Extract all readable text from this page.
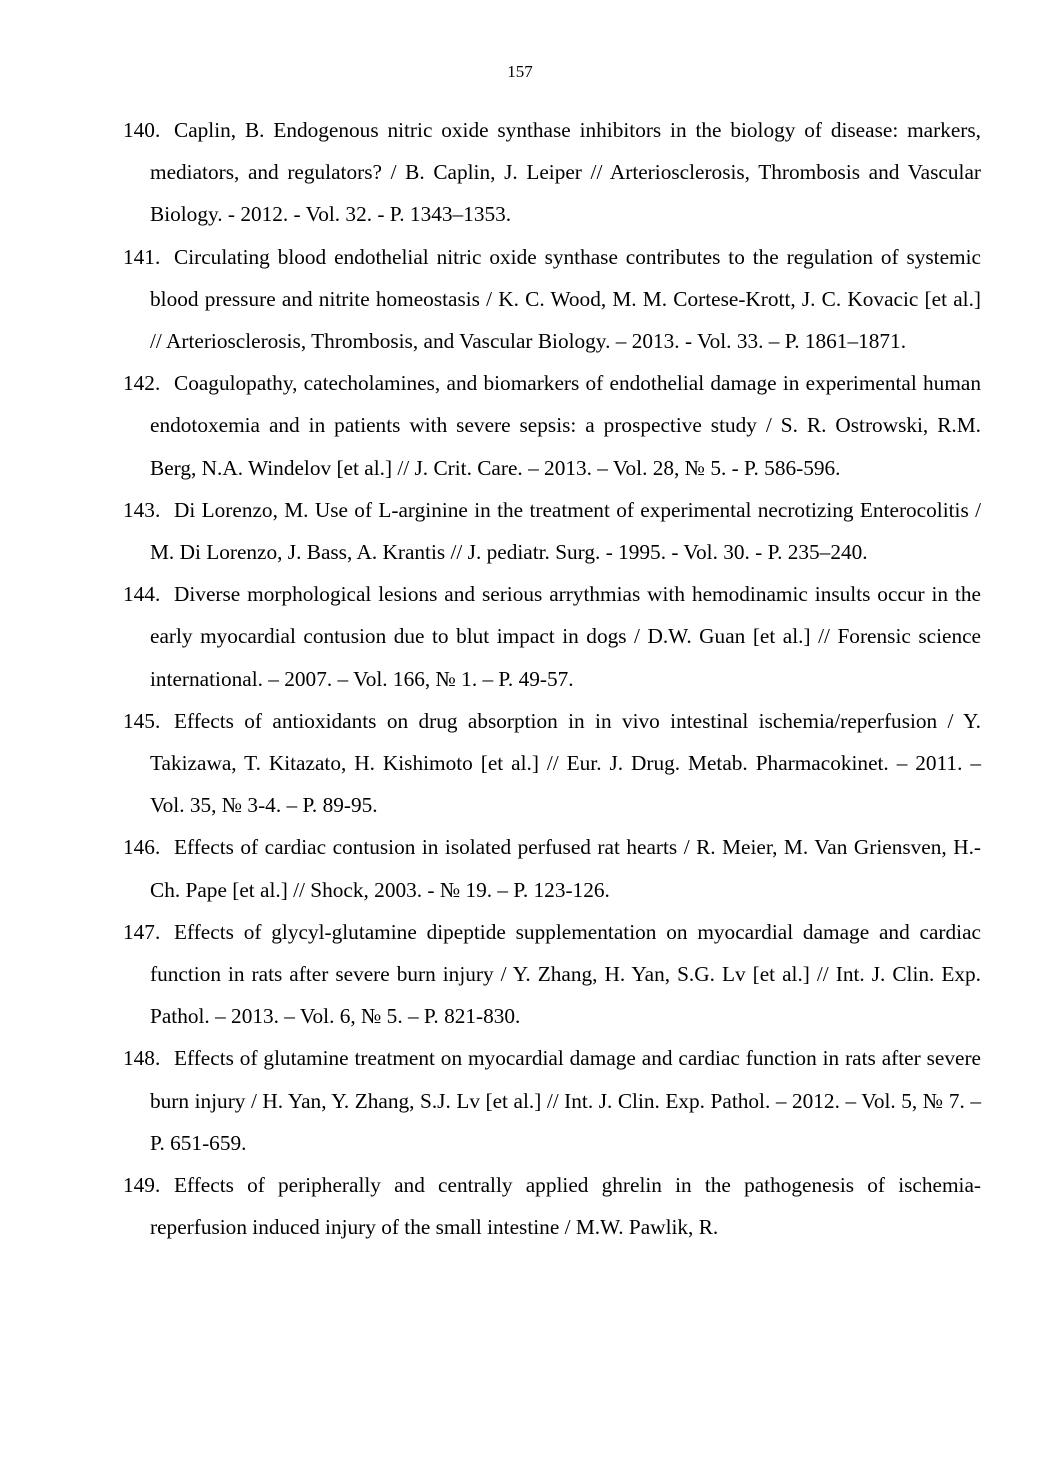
157
140. Caplin, B. Endogenous nitric oxide synthase inhibitors in the biology of disease: markers, mediators, and regulators? / B. Caplin, J. Leiper // Arteriosclerosis, Thrombosis and Vascular Biology. - 2012. - Vol. 32. - P. 1343–1353.
141. Circulating blood endothelial nitric oxide synthase contributes to the regulation of systemic blood pressure and nitrite homeostasis / K. C. Wood, M. M. Cortese-Krott, J. C. Kovacic [et al.] // Arteriosclerosis, Thrombosis, and Vascular Biology. – 2013. - Vol. 33. – P. 1861–1871.
142. Coagulopathy, catecholamines, and biomarkers of endothelial damage in experimental human endotoxemia and in patients with severe sepsis: a prospective study / S. R. Ostrowski, R.M. Berg, N.A. Windelov [et al.] // J. Crit. Care. – 2013. – Vol. 28, № 5. - P. 586-596.
143. Di Lorenzo, M. Use of L-arginine in the treatment of experimental necrotizing Enterocolitis / M. Di Lorenzo, J. Bass, A. Krantis // J. pediatr. Surg. - 1995. - Vol. 30. - P. 235–240.
144. Diverse morphological lesions and serious arrythmias with hemodinamic insults occur in the early myocardial contusion due to blut impact in dogs / D.W. Guan [et al.] // Forensic science international. – 2007. – Vol. 166, № 1. – P. 49-57.
145. Effects of antioxidants on drug absorption in in vivo intestinal ischemia/reperfusion / Y. Takizawa, T. Kitazato, H. Kishimoto [et al.] // Eur. J. Drug. Metab. Pharmacokinet. – 2011. – Vol. 35, № 3-4. – P. 89-95.
146. Effects of cardiac contusion in isolated perfused rat hearts / R. Meier, M. Van Griensven, H.-Ch. Pape [et al.] // Shock, 2003. - № 19. – P. 123-126.
147. Effects of glycyl-glutamine dipeptide supplementation on myocardial damage and cardiac function in rats after severe burn injury / Y. Zhang, H. Yan, S.G. Lv [et al.] // Int. J. Clin. Exp. Pathol. – 2013. – Vol. 6, № 5. – P. 821-830.
148. Effects of glutamine treatment on myocardial damage and cardiac function in rats after severe burn injury / H. Yan, Y. Zhang, S.J. Lv [et al.] // Int. J. Clin. Exp. Pathol. – 2012. – Vol. 5, № 7. – P. 651-659.
149. Effects of peripherally and centrally applied ghrelin in the pathogenesis of ischemia-reperfusion induced injury of the small intestine / M.W. Pawlik, R.
